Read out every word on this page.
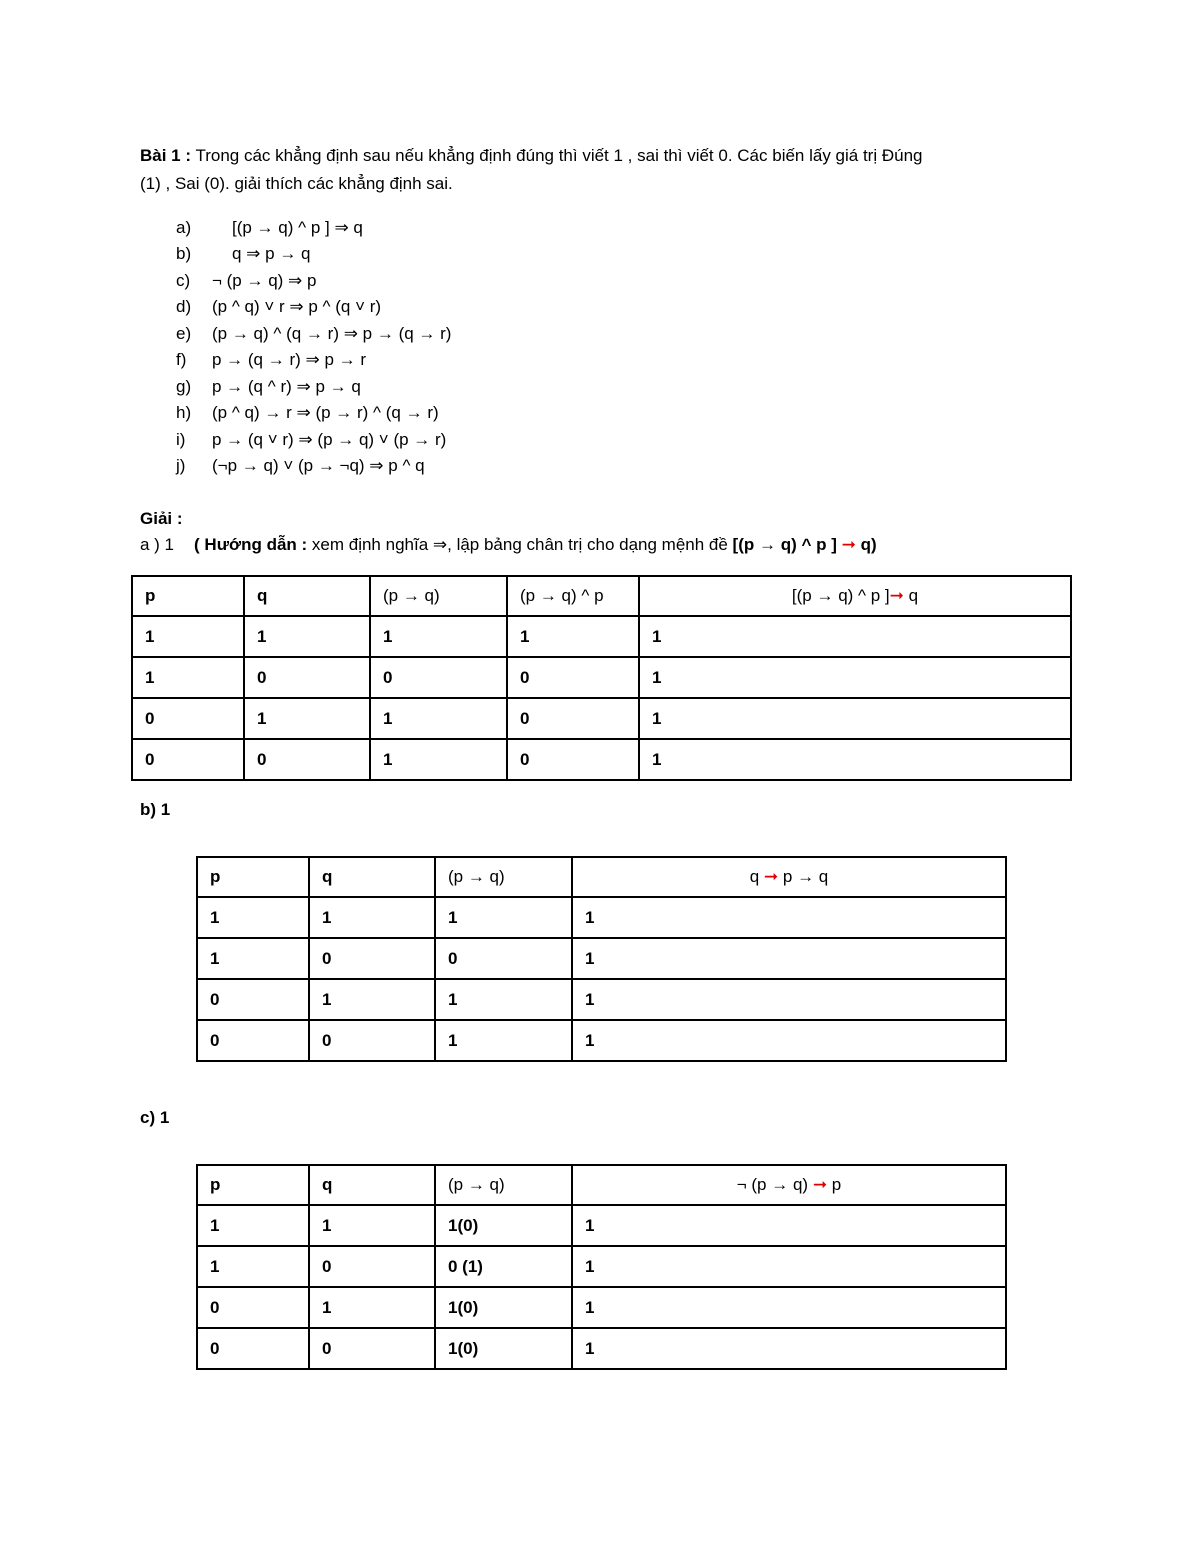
Bài 1 : Trong các khẳng định sau nếu khẳng định đúng thì viết 1 , sai thì viết 0. Các biến lấy giá trị Đúng
(1) , Sai (0). giải thích các khẳng định sai.
a) [(p → q) ^ p ] ⇒ q
b) q ⇒ p → q
c) ¬ (p → q) ⇒ p
d) (p ^ q) ˅ r ⇒ p ^ (q ˅ r)
e) (p → q) ^ (q → r) ⇒ p → (q → r)
f) p → (q → r) ⇒ p → r
g) p → (q ^ r) ⇒ p → q
h) (p ^ q) → r ⇒ (p → r) ^ (q → r)
i) p → (q ˅ r) ⇒ (p → q) ˅ (p → r)
j) (¬p → q) ˅ (p → ¬q) ⇒ p ^ q
Giải :
a ) 1 ( Hướng dẫn : xem định nghĩa ⇒, lập bảng chân trị cho dạng mệnh đề [(p → q) ^ p ] ➞ q)
p	q	(p → q)	(p → q) ^ p	[(p → q) ^ p ]➞ q
1	1	1	1	1
1	0	0	0	1
0	1	1	0	1
0	0	1	0	1
b) 1
p	q	(p → q)	q ➞ p → q
1	1	1	1
1	0	0	1
0	1	1	1
0	0	1	1
c) 1
p	q	(p → q)	¬ (p → q) ➞ p
1	1	1(0)	1
1	0	0 (1)	1
0	1	1(0)	1
0	0	1(0)	1
